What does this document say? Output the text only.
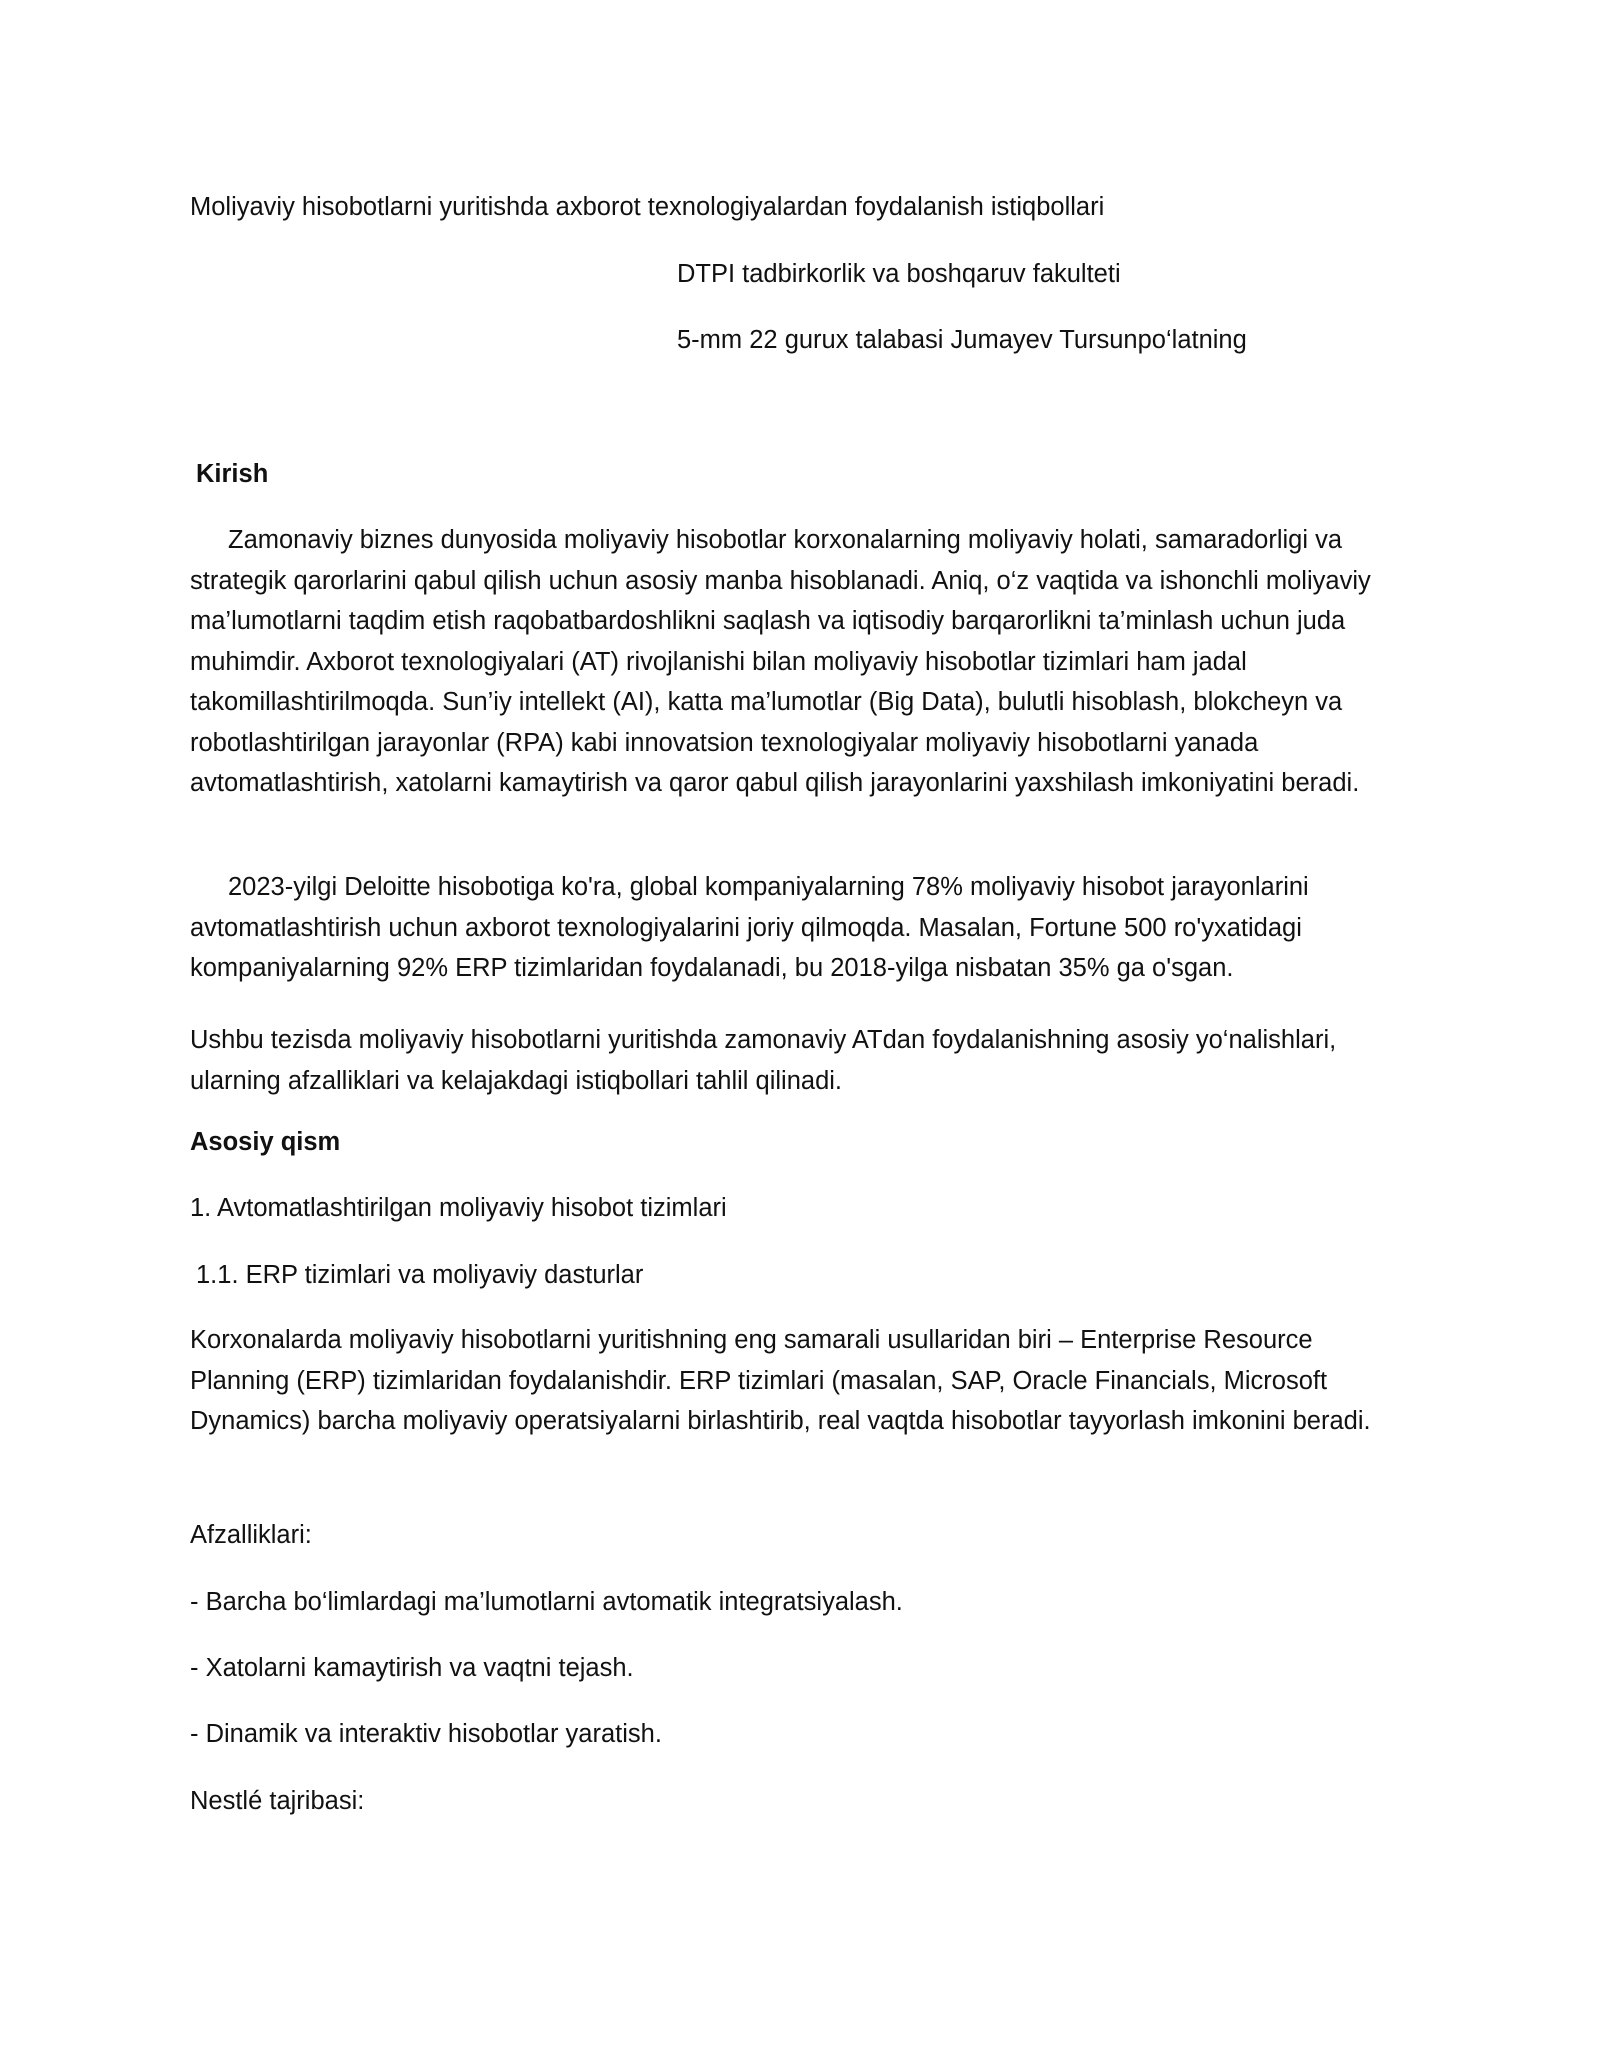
Moliyaviy hisobotlarni yuritishda axborot texnologiyalardan foydalanish istiqbollari
DTPI tadbirkorlik va boshqaruv fakulteti
5-mm 22 gurux talabasi Jumayev Tursunpo‘latning
Kirish
Zamonaviy biznes dunyosida moliyaviy hisobotlar korxonalarning moliyaviy holati, samaradorligi va strategik qarorlarini qabul qilish uchun asosiy manba hisoblanadi. Aniq, o‘z vaqtida va ishonchli moliyaviy ma’lumotlarni taqdim etish raqobatbardoshlikni saqlash va iqtisodiy barqarorlikni ta’minlash uchun juda muhimdir. Axborot texnologiyalari (AT) rivojlanishi bilan moliyaviy hisobotlar tizimlari ham jadal takomillashtirilmoqda. Sun’iy intellekt (AI), katta ma’lumotlar (Big Data), bulutli hisoblash, blokcheyn va robotlashtirilgan jarayonlar (RPA) kabi innovatsion texnologiyalar moliyaviy hisobotlarni yanada avtomatlashtirish, xatolarni kamaytirish va qaror qabul qilish jarayonlarini yaxshilash imkoniyatini beradi.
2023-yilgi Deloitte hisobotiga ko'ra, global kompaniyalarning 78% moliyaviy hisobot jarayonlarini avtomatlashtirish uchun axborot texnologiyalarini joriy qilmoqda. Masalan, Fortune 500 ro'yxatidagi kompaniyalarning 92% ERP tizimlaridan foydalanadi, bu 2018-yilga nisbatan 35% ga o'sgan.
Ushbu tezisda moliyaviy hisobotlarni yuritishda zamonaviy ATdan foydalanishning asosiy yo‘nalishlari, ularning afzalliklari va kelajakdagi istiqbollari tahlil qilinadi.
Asosiy qism
1. Avtomatlashtirilgan moliyaviy hisobot tizimlari
1.1. ERP tizimlari va moliyaviy dasturlar
Korxonalarda moliyaviy hisobotlarni yuritishning eng samarali usullaridan biri – Enterprise Resource Planning (ERP) tizimlaridan foydalanishdir. ERP tizimlari (masalan, SAP, Oracle Financials, Microsoft Dynamics) barcha moliyaviy operatsiyalarni birlashtirib, real vaqtda hisobotlar tayyorlash imkonini beradi.
Afzalliklari:
- Barcha bo‘limlardagi ma’lumotlarni avtomatik integratsiyalash.
- Xatolarni kamaytirish va vaqtni tejash.
- Dinamik va interaktiv hisobotlar yaratish.
Nestlé tajribasi:
